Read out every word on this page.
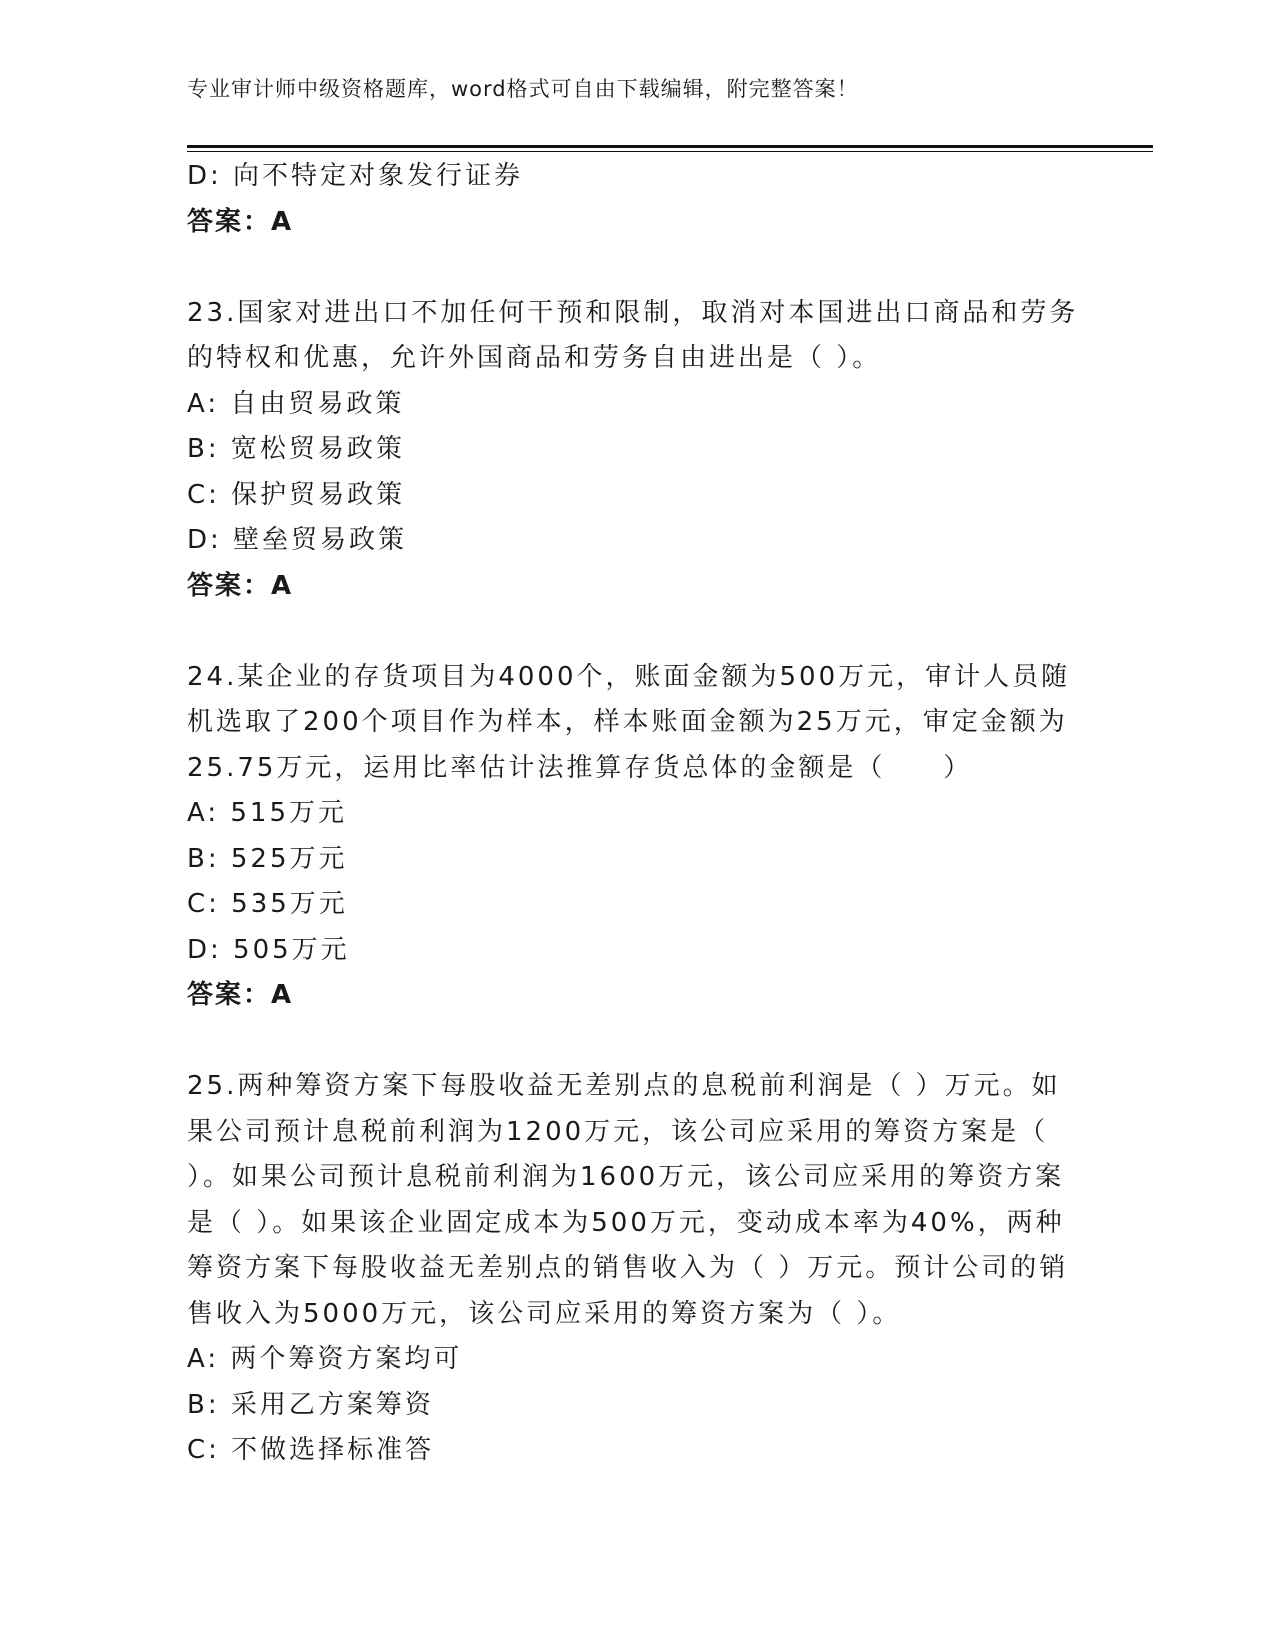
专业审计师中级资格题库，word格式可自由下载编辑，附完整答案！
D: 向不特定对象发行证券
答案：A
23.国家对进出口不加任何干预和限制，取消对本国进出口商品和劳务
的特权和优惠，允许外国商品和劳务自由进出是（ ）。
A: 自由贸易政策
B: 宽松贸易政策
C: 保护贸易政策
D: 壁垒贸易政策
答案：A
24.某企业的存货项目为4000个，账面金额为500万元，审计人员随
机选取了200个项目作为样本，样本账面金额为25万元，审定金额为
25.75万元，运用比率估计法推算存货总体的金额是（　　）
A: 515万元
B: 525万元
C: 535万元
D: 505万元
答案：A
25.两种筹资方案下每股收益无差别点的息税前利润是（ ）万元。如
果公司预计息税前利润为1200万元，该公司应采用的筹资方案是（
）。如果公司预计息税前利润为1600万元，该公司应采用的筹资方案
是（ ）。如果该企业固定成本为500万元，变动成本率为40%，两种
筹资方案下每股收益无差别点的销售收入为（ ）万元。预计公司的销
售收入为5000万元，该公司应采用的筹资方案为（ ）。
A: 两个筹资方案均可
B: 采用乙方案筹资
C: 不做选择标准答
